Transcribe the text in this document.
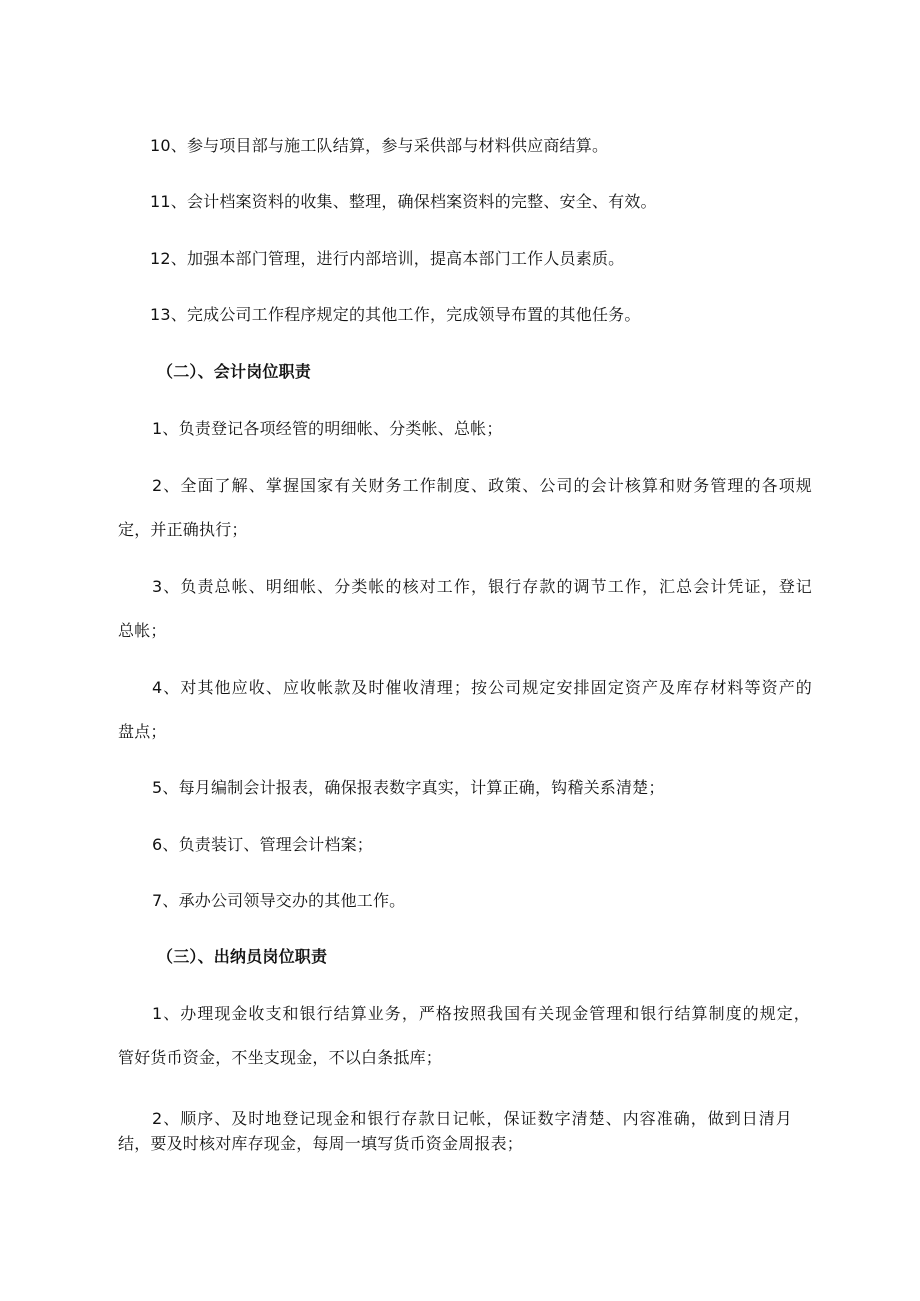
10、参与项目部与施工队结算，参与采供部与材料供应商结算。
11、会计档案资料的收集、整理，确保档案资料的完整、安全、有效。
12、加强本部门管理，进行内部培训，提高本部门工作人员素质。
13、完成公司工作程序规定的其他工作，完成领导布置的其他任务。
（二）、会计岗位职责
1、负责登记各项经管的明细帐、分类帐、总帐；
2、全面了解、掌握国家有关财务工作制度、政策、公司的会计核算和财务管理的各项规
定，并正确执行；
3、负责总帐、明细帐、分类帐的核对工作，银行存款的调节工作，汇总会计凭证，登记
总帐；
4、对其他应收、应收帐款及时催收清理；按公司规定安排固定资产及库存材料等资产的
盘点；
5、每月编制会计报表，确保报表数字真实，计算正确，钩稽关系清楚；
6、负责装订、管理会计档案；
7、承办公司领导交办的其他工作。
（三）、出纳员岗位职责
1、办理现金收支和银行结算业务，严格按照我国有关现金管理和银行结算制度的规定，
管好货币资金，不坐支现金，不以白条抵库；
2、顺序、及时地登记现金和银行存款日记帐，保证数字清楚、内容准确，做到日清月
结，要及时核对库存现金，每周一填写货币资金周报表；
